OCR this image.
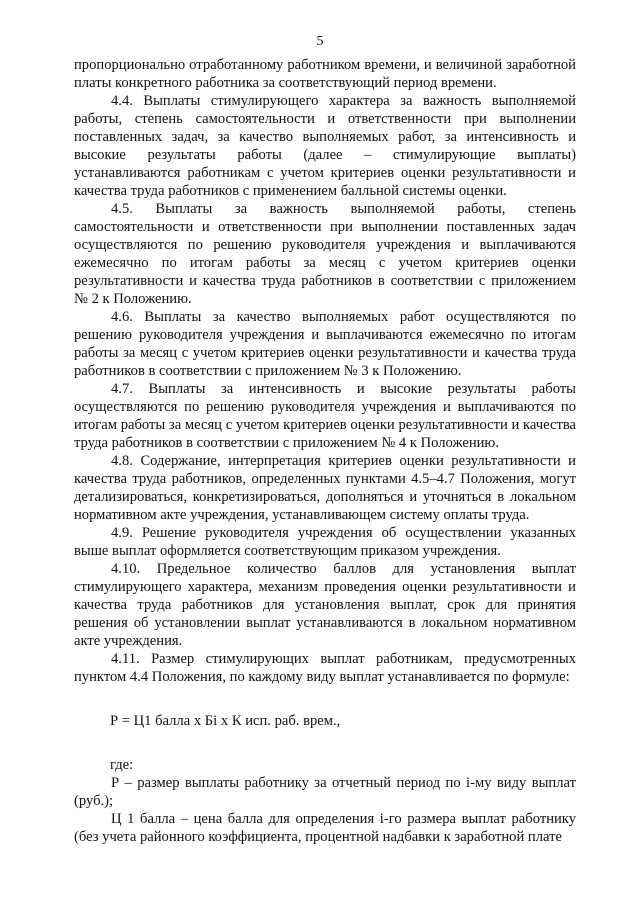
5

пропорционально отработанному работником времени, и величиной заработной платы конкретного работника за соответствующий период времени.

4.4. Выплаты стимулирующего характера за важность выполняемой работы, степень самостоятельности и ответственности при выполнении поставленных задач, за качество выполняемых работ, за интенсивность и высокие результаты работы (далее – стимулирующие выплаты) устанавливаются работникам с учетом критериев оценки результативности и качества труда работников с применением балльной системы оценки.

4.5. Выплаты за важность выполняемой работы, степень самостоятельности и ответственности при выполнении поставленных задач осуществляются по решению руководителя учреждения и выплачиваются ежемесячно по итогам работы за месяц с учетом критериев оценки результативности и качества труда работников в соответствии с приложением № 2 к Положению.

4.6. Выплаты за качество выполняемых работ осуществляются по решению руководителя учреждения и выплачиваются ежемесячно по итогам работы за месяц с учетом критериев оценки результативности и качества труда работников в соответствии с приложением № 3 к Положению.

4.7. Выплаты за интенсивность и высокие результаты работы осуществляются по решению руководителя учреждения и выплачиваются по итогам работы за месяц с учетом критериев оценки результативности и качества труда работников в соответствии с приложением № 4 к Положению.

4.8. Содержание, интерпретация критериев оценки результативности и качества труда работников, определенных пунктами 4.5–4.7 Положения, могут детализироваться, конкретизироваться, дополняться и уточняться в локальном нормативном акте учреждения, устанавливающем систему оплаты труда.

4.9. Решение руководителя учреждения об осуществлении указанных выше выплат оформляется соответствующим приказом учреждения.

4.10. Предельное количество баллов для установления выплат стимулирующего характера, механизм проведения оценки результативности и качества труда работников для установления выплат, срок для принятия решения об установлении выплат устанавливаются в локальном нормативном акте учреждения.

4.11. Размер стимулирующих выплат работникам, предусмотренных пунктом 4.4 Положения, по каждому виду выплат устанавливается по формуле:

Р = Ц1 балла х Бi х К исп. раб. врем.,

где:

Р – размер выплаты работнику за отчетный период по i-му виду выплат (руб.);

Ц 1 балла – цена балла для определения i-го размера выплат работнику (без учета районного коэффициента, процентной надбавки к заработной плате
